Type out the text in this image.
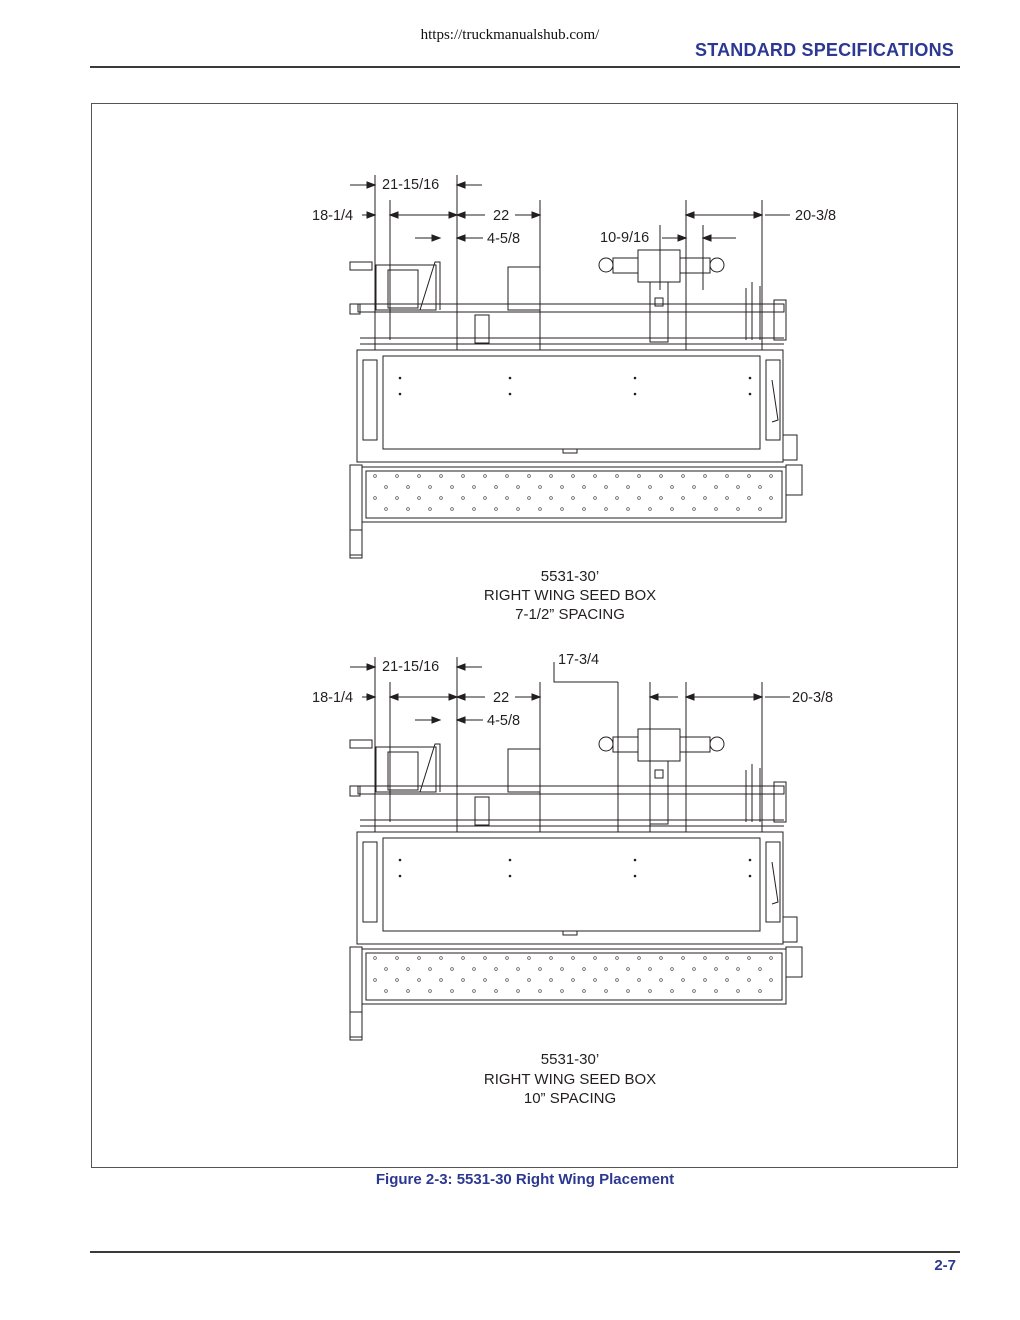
https://truckmanualshub.com/
STANDARD SPECIFICATIONS
21-15/16
18-1/4	22
4-5/8	10-9/16
20-3/8
5531-30’
RIGHT WING SEED BOX
7-1/2” SPACING
21-15/16
18-1/4	22
4-5/8
17-3/4
20-3/8
5531-30’
RIGHT WING SEED BOX
10” SPACING
Figure 2-3: 5531-30 Right Wing Placement
2-7
